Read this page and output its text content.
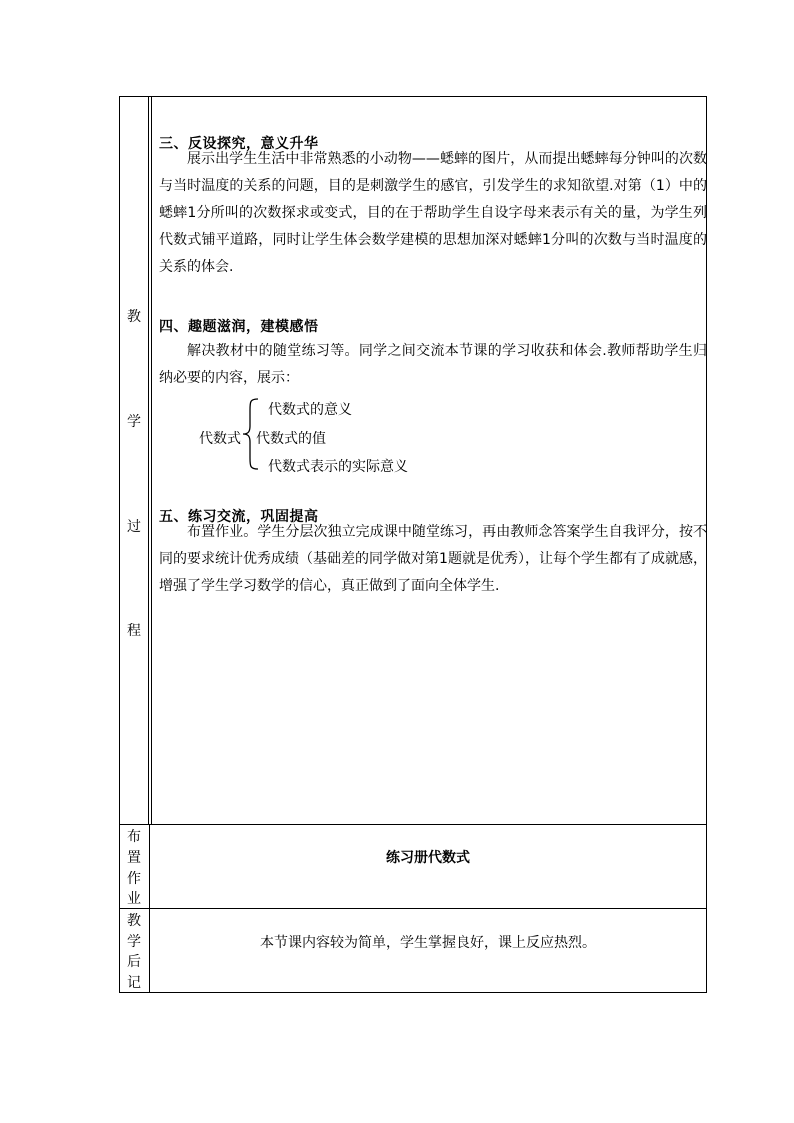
教
学
过
程
三、反设探究，意义升华
展示出学生生活中非常熟悉的小动物——蟋蟀的图片，从而提出蟋蟀每分钟叫的次数与当时温度的关系的问题，目的是刺激学生的感官，引发学生的求知欲望.对第（1）中的蟋蟀1分所叫的次数探求或变式，目的在于帮助学生自设字母来表示有关的量，为学生列代数式铺平道路，同时让学生体会数学建模的思想加深对蟋蟀1分叫的次数与当时温度的关系的体会.
四、趣题滋润，建模感悟
解决教材中的随堂练习等。同学之间交流本节课的学习收获和体会.教师帮助学生归纳必要的内容，展示：
代数式
代数式的意义
代数式的值
代数式表示的实际意义
五、练习交流，巩固提高
布置作业。学生分层次独立完成课中随堂练习，再由教师念答案学生自我评分，按不同的要求统计优秀成绩（基础差的同学做对第1题就是优秀），让每个学生都有了成就感，增强了学生学习数学的信心，真正做到了面向全体学生.
布
置
作
业
练习册代数式
教
学
后
记
本节课内容较为简单，学生掌握良好，课上反应热烈。
